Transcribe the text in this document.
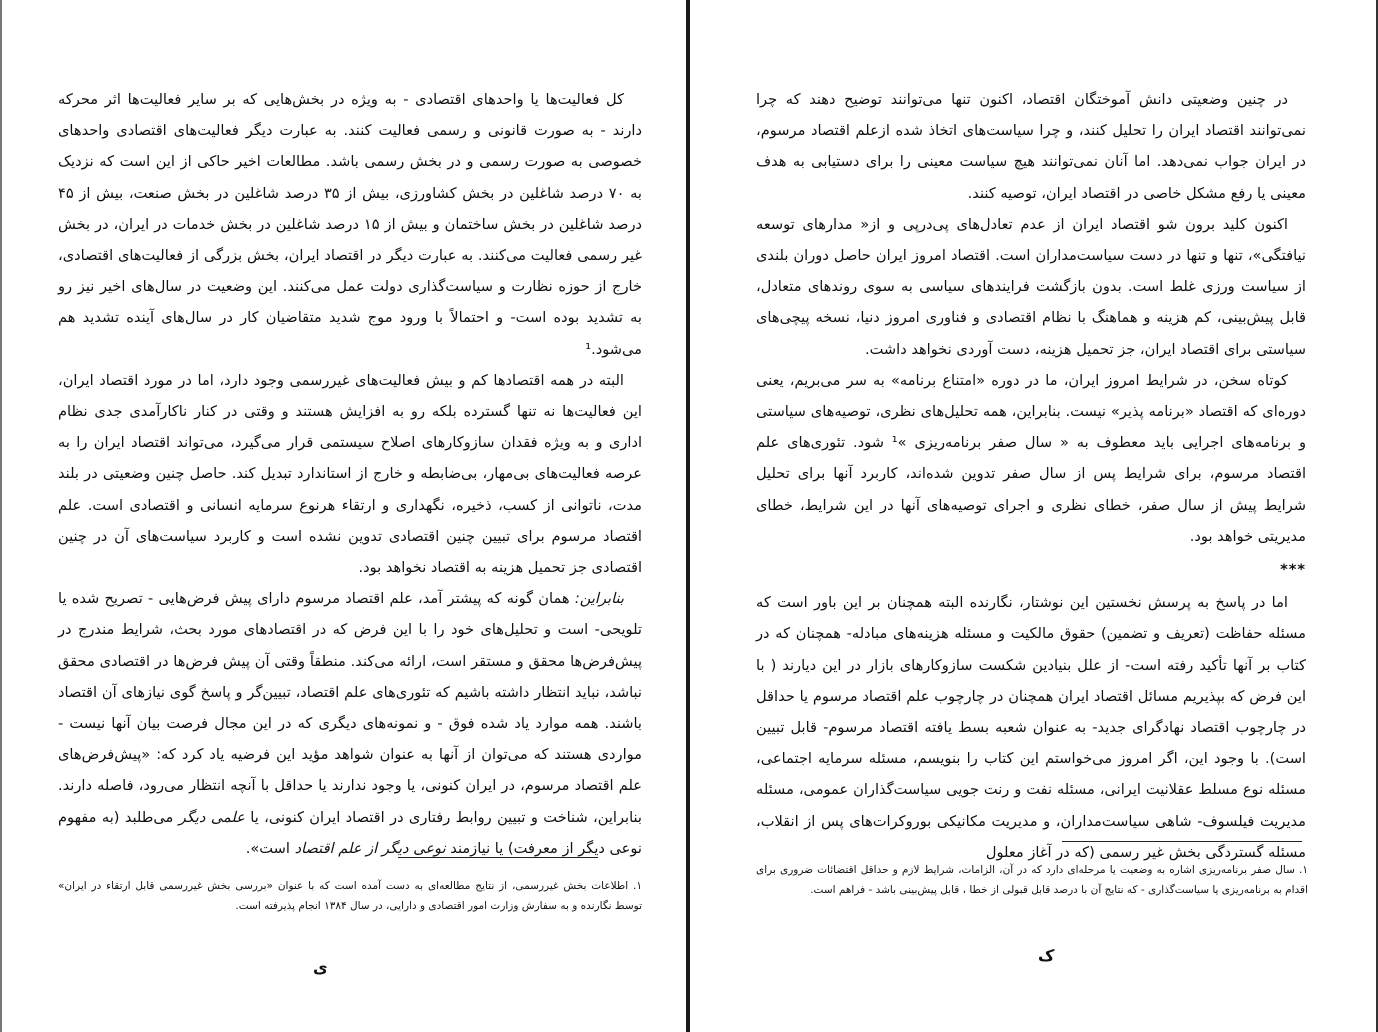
کل فعالیت‌ها یا واحدهای اقتصادی - به ویژه در بخش‌هایی که بر سایر فعالیت‌ها اثر محرکه دارند - به صورت قانونی و رسمی فعالیت کنند. به عبارت دیگر فعالیت‌های اقتصادی واحدهای خصوصی به صورت رسمی و در بخش رسمی باشد. مطالعات اخیر حاکی از این است که نزدیک به ۷۰ درصد شاغلین در بخش کشاورزی، بیش از ۳۵ درصد شاغلین در بخش صنعت، بیش از ۴۵ درصد شاغلین در بخش ساختمان و بیش از ۱۵ درصد شاغلین در بخش خدمات در ایران، در بخش غیر رسمی فعالیت می‌کنند. به عبارت دیگر در اقتصاد ایران، بخش بزرگی از فعالیت‌های اقتصادی، خارج از حوزه نظارت و سیاست‌گذاری دولت عمل می‌کنند. این وضعیت در سال‌های اخیر نیز رو به تشدید بوده است- و احتمالاً با ورود موج شدید متقاضیان کار در سال‌های آینده تشدید هم می‌شود.¹

البته در همه اقتصادها کم و بیش فعالیت‌های غیررسمی وجود دارد، اما در مورد اقتصاد ایران، این فعالیت‌ها نه تنها گسترده بلکه رو به افزایش هستند و وقتی در کنار ناکارآمدی جدی نظام اداری و به ویژه فقدان سازوکارهای اصلاح سیستمی قرار می‌گیرد، می‌تواند اقتصاد ایران را به عرصه فعالیت‌های بی‌مهار، بی‌ضابطه و خارج از استاندارد تبدیل کند. حاصل چنین وضعیتی در بلند مدت، ناتوانی از کسب، ذخیره، نگهداری و ارتقاء هرنوع سرمایه انسانی و اقتصادی است. علم اقتصاد مرسوم برای تبیین چنین اقتصادی تدوین نشده است و کاربرد سیاست‌های آن در چنین اقتصادی جز تحمیل هزینه به اقتصاد نخواهد بود.

بنابراین: همان گونه که پیشتر آمد، علم اقتصاد مرسوم دارای پیش فرض‌هایی - تصریح شده یا تلویحی- است و تحلیل‌های خود را با این فرض که در اقتصادهای مورد بحث، شرایط مندرج در پیش‌فرض‌ها محقق و مستقر است، ارائه می‌کند. منطقاً وقتی آن پیش فرض‌ها در اقتصادی محقق نباشد، نباید انتظار داشته باشیم که تئوری‌های علم اقتصاد، تبیین‌گر و پاسخ گوی نیازهای آن اقتصاد باشند. همه موارد یاد شده فوق - و نمونه‌های دیگری که در این مجال فرصت بیان آنها نیست - مواردی هستند که می‌توان از آنها به عنوان شواهد مؤید این فرضیه یاد کرد که: «پیش‌فرض‌های علم اقتصاد مرسوم، در ایران کنونی، یا وجود ندارند یا حداقل با آنچه انتظار می‌رود، فاصله دارند. بنابراین، شناخت و تبیین روابط رفتاری در اقتصاد ایران کنونی، یا علمی دیگر می‌طلبد (به مفهوم نوعی دیگر از معرفت) یا نیازمند نوعی دیگر از علم اقتصاد است».

۱. اطلاعات بخش غیررسمی، از نتایج مطالعه‌ای به دست آمده است که با عنوان «بررسی بخش غیررسمی قابل ارتقاء در ایران» توسط نگارنده و به سفارش وزارت امور اقتصادی و دارایی، در سال ۱۳۸۴ انجام پذیرفته است.
ی

در چنین وضعیتی دانش آموختگان اقتصاد، اکنون تنها می‌توانند توضیح دهند که چرا نمی‌توانند اقتصاد ایران را تحلیل کنند، و چرا سیاست‌های اتخاذ شده ازعلم اقتصاد مرسوم، در ایران جواب نمی‌دهد. اما آنان نمی‌توانند هیچ سیاست معینی را برای دستیابی به هدف معینی یا رفع مشکل خاصی در اقتصاد ایران، توصیه کنند.

اکنون کلید برون شو اقتصاد ایران از عدم تعادل‌های پی‌درپی و از« مدارهای توسعه نیافتگی»، تنها و تنها در دست سیاست‌مداران است. اقتصاد امروز ایران حاصل دوران بلندی از سیاست ورزی غلط است. بدون بازگشت فرایندهای سیاسی به سوی روندهای متعادل، قابل پیش‌بینی، کم هزینه و هماهنگ با نظام اقتصادی و فناوری امروز دنیا، نسخه پیچی‌های سیاستی برای اقتصاد ایران، جز تحمیل هزینه، دست آوردی نخواهد داشت.

کوتاه سخن، در شرایط امروز ایران، ما در دوره «امتناع برنامه» به سر می‌بریم، یعنی دوره‌ای که اقتصاد «برنامه پذیر» نیست. بنابراین، همه تحلیل‌های نظری، توصیه‌های سیاستی و برنامه‌های اجرایی باید معطوف به « سال صفر برنامه‌ریزی »¹ شود. تئوری‌های علم اقتصاد مرسوم، برای شرایط پس از سال صفر تدوین شده‌اند، کاربرد آنها برای تحلیل شرایط پیش از سال صفر، خطای نظری و اجرای توصیه‌های آنها در این شرایط، خطای مدیریتی خواهد بود.

***

اما در پاسخ به پرسش نخستین این نوشتار، نگارنده البته همچنان بر این باور است که مسئله حفاظت (تعریف و تضمین) حقوق مالکیت و مسئله هزینه‌های مبادله- همچنان که در کتاب بر آنها تأکید رفته است- از علل بنیادین شکست سازوکارهای بازار در این دیارند ( با این فرض که بپذیریم مسائل اقتصاد ایران همچنان در چارچوب علم اقتصاد مرسوم یا حداقل در چارچوب اقتصاد نهادگرای جدید- به عنوان شعبه بسط یافته اقتصاد مرسوم- قابل تبیین است). با وجود این، اگر امروز می‌خواستم این کتاب را بنویسم، مسئله سرمایه اجتماعی، مسئله نوع مسلط عقلانیت ایرانی، مسئله نفت و رنت جویی سیاست‌گذاران عمومی، مسئله مدیریت فیلسوف- شاهی سیاست‌مداران، و مدیریت مکانیکی بوروکرات‌های پس از انقلاب، مسئله گستردگی بخش غیر رسمی (که در آغاز معلول

۱. سال صفر برنامه‌ریزی اشاره به وضعیت یا مرحله‌ای دارد که در آن، الزامات، شرایط لازم و حداقل اقتضائات ضروری برای اقدام به برنامه‌ریزی یا سیاست‌گذاری - که نتایج آن با درصد قابل قبولی از خطا ، قابل پیش‌بینی باشد - فراهم است.
ک
